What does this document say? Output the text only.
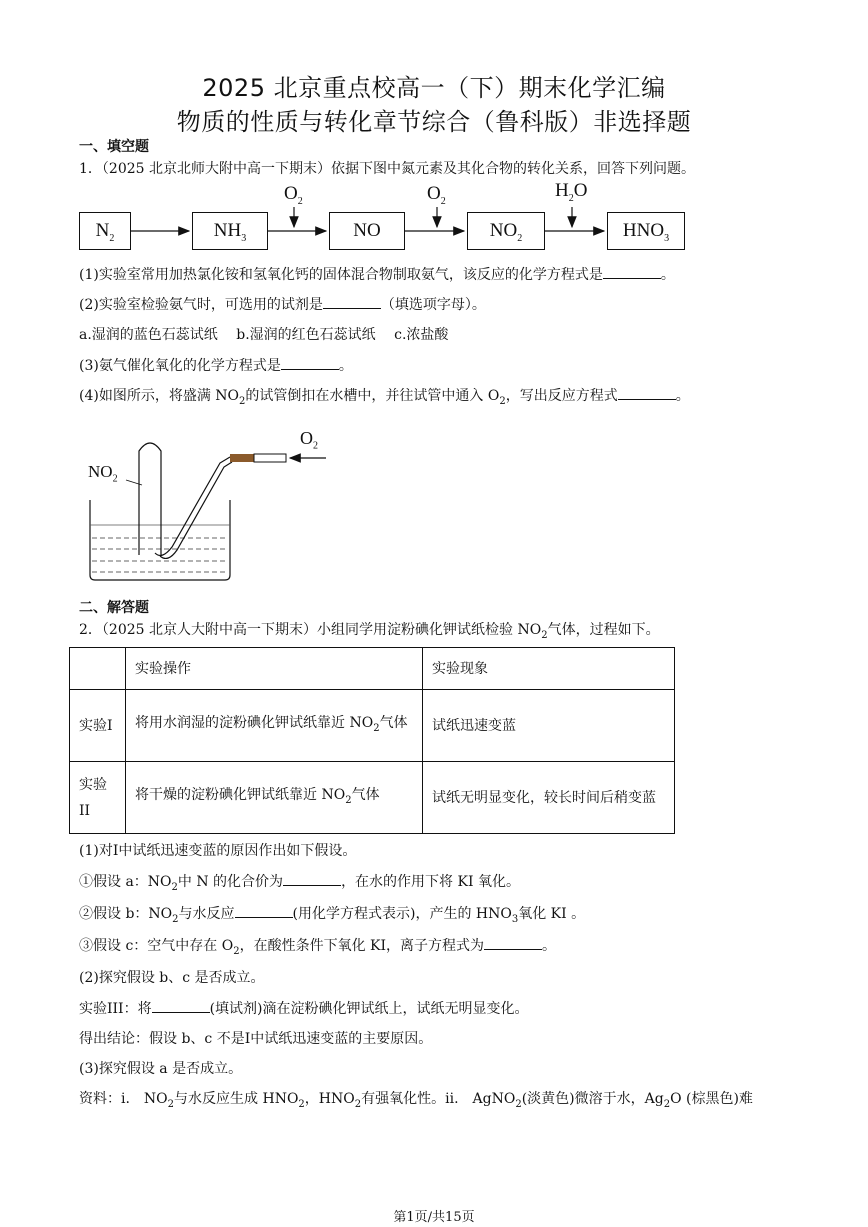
2025 北京重点校高一（下）期末化学汇编
物质的性质与转化章节综合（鲁科版）非选择题
一、填空题
1．（2025 北京北师大附中高一下期末）依据下图中氮元素及其化合物的转化关系，回答下列问题。
$N_2$	$NH_3$	NO	$NO_2$	$HNO_3$
$O_2$	$O_2$
$H_2O$
(1)实验室常用加热氯化铵和氢氧化钙的固体混合物制取氨气，该反应的化学方程式是	。
(2)实验室检验氨气时，可选用的试剂是	（填选项字母）。
a.湿润的蓝色石蕊试纸　 b.湿润的红色石蕊试纸　 c.浓盐酸
(3)氨气催化氧化的化学方程式是	。
(4)如图所示，将盛满 $NO_2$的试管倒扣在水槽中，并往试管中通入 $O_2$，写出反应方程式	。
$NO_2$
$O_2$
二、解答题
2．（2025 北京人大附中高一下期末）小组同学用淀粉碘化钾试纸检验 $NO_2$气体，过程如下。
	实验操作	实验现象
实验I	将用水润湿的淀粉碘化钾试纸靠近 $NO_2$气体	试纸迅速变蓝
实验II	将干燥的淀粉碘化钾试纸靠近 $NO_2$气体	试纸无明显变化，较长时间后稍变蓝
(1)对I中试纸迅速变蓝的原因作出如下假设。
①假设 a：$NO_2$中 N 的化合价为	，在水的作用下将 KI 氧化。
②假设 b：$NO_2$与水反应	(用化学方程式表示)，产生的 $HNO_3$氧化 KI 。
③假设 c：空气中存在 $O_2$，在酸性条件下氧化 KI，离子方程式为	。
(2)探究假设 b、c 是否成立。
实验III：将	(填试剂)滴在淀粉碘化钾试纸上，试纸无明显变化。
得出结论：假设 b、c 不是I中试纸迅速变蓝的主要原因。
(3)探究假设 a 是否成立。
资料：i.　$NO_2$与水反应生成 $HNO_2$，$HNO_2$有强氧化性。ii.　AgNO$_2$(淡黄色)微溶于水，$Ag_2O$ (棕黑色)难
第1页/共15页
